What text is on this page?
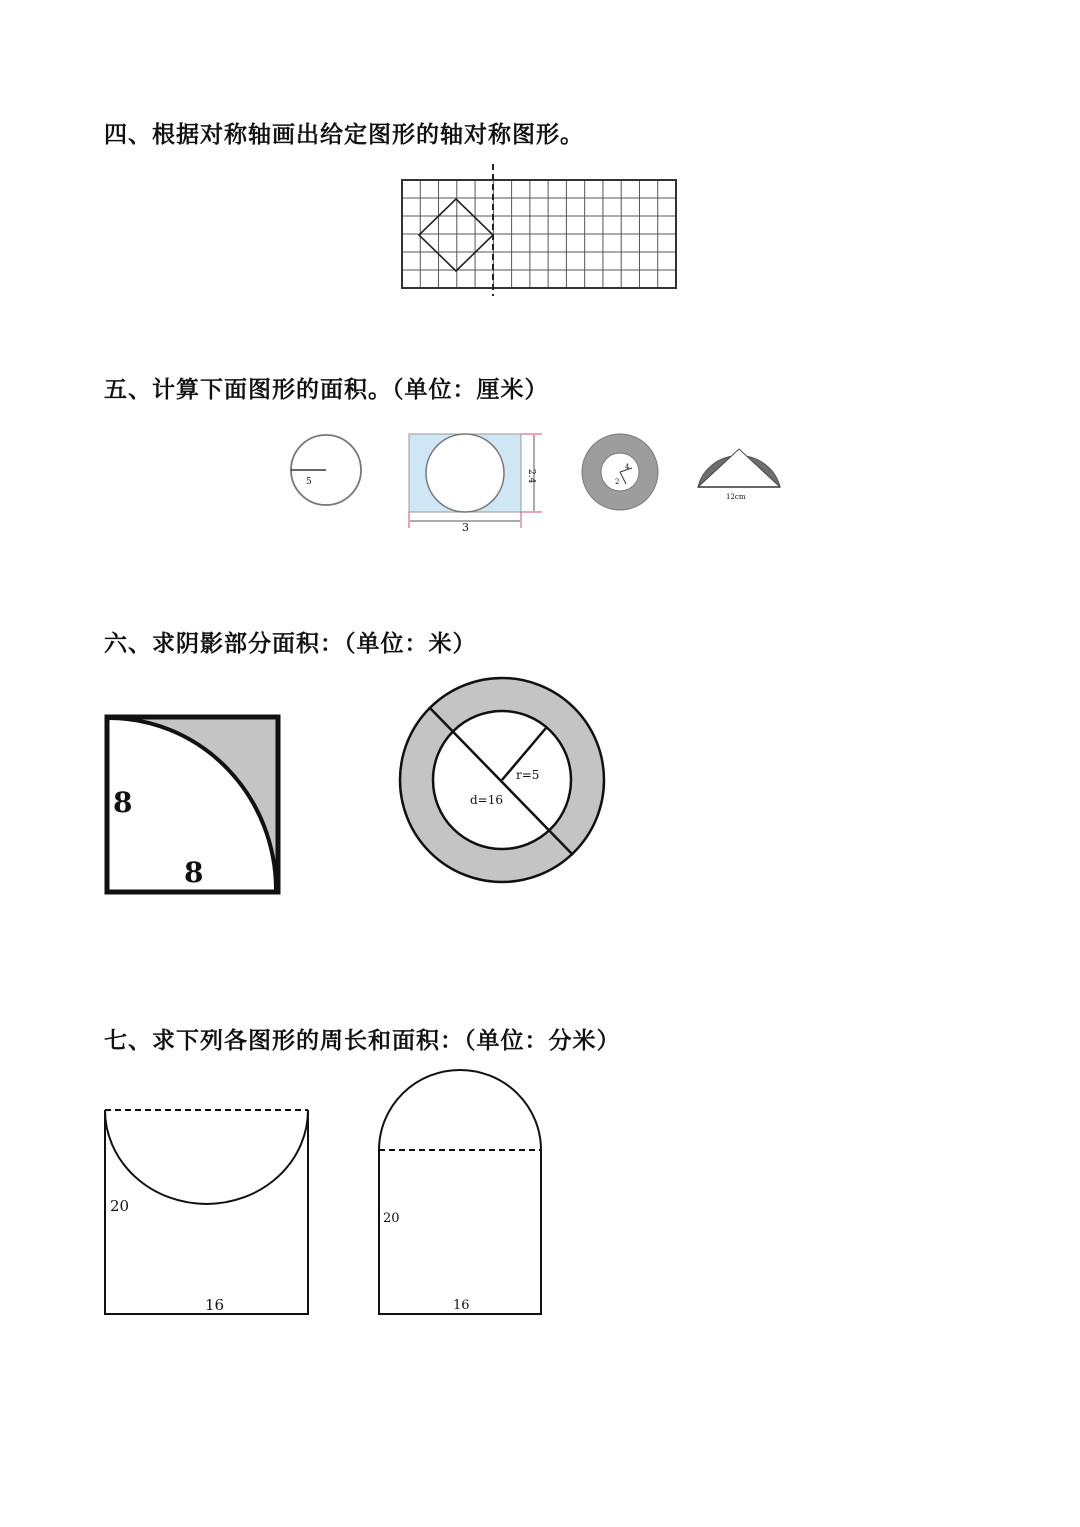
四、根据对称轴画出给定图形的轴对称图形。
五、计算下面图形的面积。（单位：厘米）
5	2.4
3
4
2
12cm
六、求阴影部分面积：（单位：米）
8
8
r=5
d=16
七、求下列各图形的周长和面积：（单位：分米）
20
16
20
16
